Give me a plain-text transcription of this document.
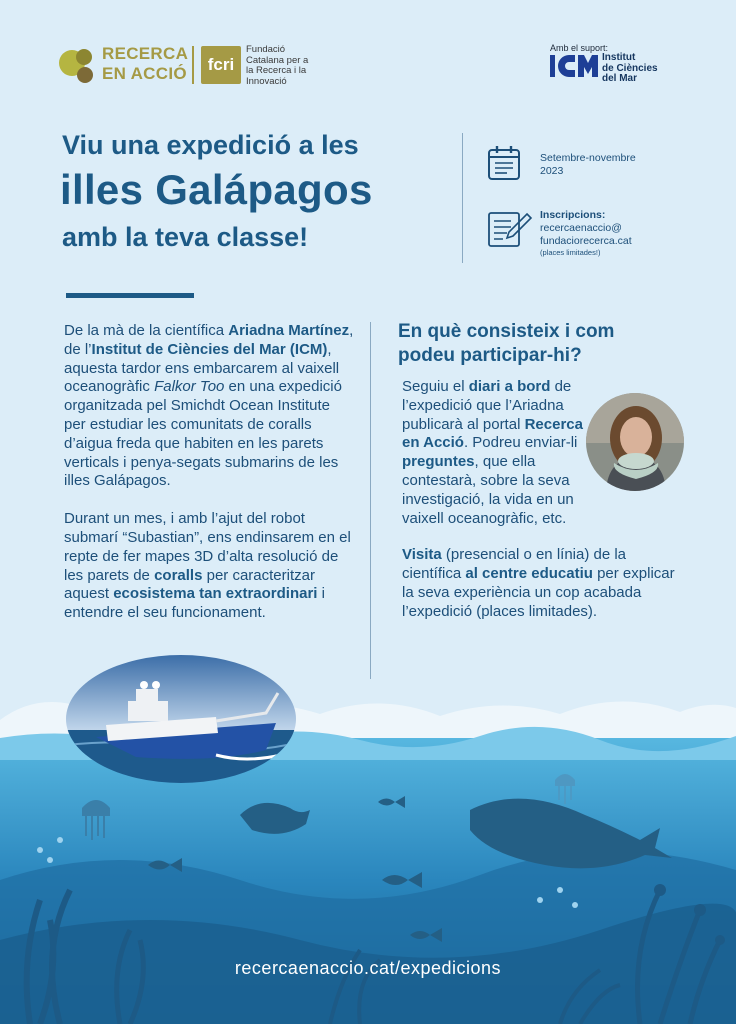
RECERCA
EN ACCIÓ	fcri
Fundació
Catalana per a
la Recerca i la
Innovació
Amb el suport:
Institut
de Ciències
del Mar
Viu una expedició a les
illes Galápagos
amb la teva classe!
Setembre-novembre
2023
Inscripcions:
recercaenaccio@
fundaciorecerca.cat
(places limitades!)

De la mà de la científica Ariadna Martínez, de l’Institut de Ciències del Mar (ICM), aquesta tardor ens embarcarem al vaixell oceanogràfic Falkor Too en una expedició organitzada pel Smichdt Ocean Institute per estudiar les comunitats de coralls d’aigua freda que habiten en les parets verticals i penya-segats submarins de les illes Galápagos.

Durant un mes, i amb l’ajut del robot submarí “Subastian”, ens endinsarem en el repte de fer mapes 3D d’alta resolució de les parets de coralls per caracteritzar aquest ecosistema tan extraordinari i entendre el seu funcionament.

En què consisteix i com podeu participar-hi?

Seguiu el diari a bord de l’expedició que l’Ariadna publicarà al portal Recerca en Acció. Podreu enviar-li preguntes, que ella contestarà, sobre la seva investigació, la vida en un vaixell oceanogràfic, etc.

Visita (presencial o en línia) de la científica al centre educatiu per explicar la seva experiència un cop acabada l’expedició (places limitades).

recercaenaccio.cat/expedicions
